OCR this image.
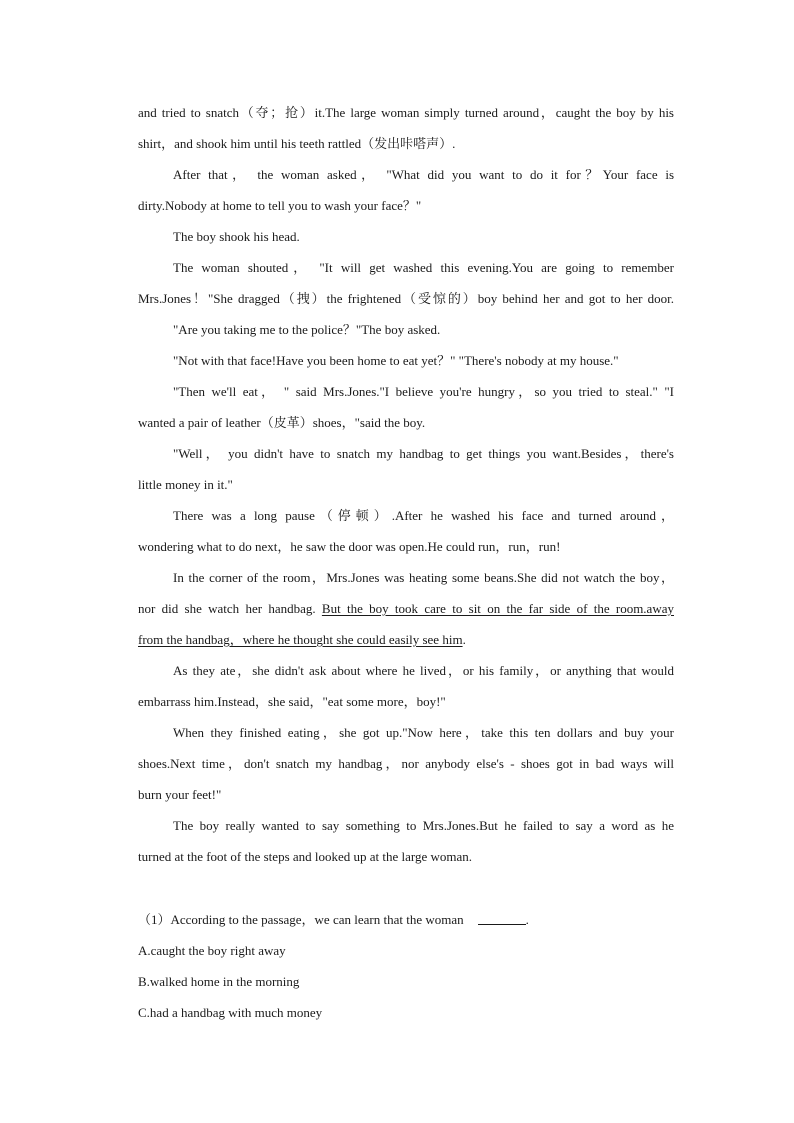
and tried to snatch（夺；抢）it.The large woman simply turned around，caught the boy by his
shirt，and shook him until his teeth rattled（发出咔嗒声）.
After that， the woman asked， "What did you want to do it for？Your face is
dirty.Nobody at home to tell you to wash your face？"
The boy shook his head.
The woman shouted， "It will get washed this evening.You are going to remember
Mrs.Jones！"She dragged（拽）the frightened（受惊的）boy behind her and got to her door.
"Are you taking me to the police？"The boy asked.
"Not with that face!Have you been home to eat yet？" "There's nobody at my house."
"Then we'll eat， " said Mrs.Jones."I believe you're hungry，so you tried to steal." "I
wanted a pair of leather（皮革）shoes，"said the boy.
"Well， you didn't have to snatch my handbag to get things you want.Besides，there's
little money in it."
There was a long pause（停顿）.After he washed his face and turned around，
wondering what to do next，he saw the door was open.He could run，run，run!
In the corner of the room，Mrs.Jones was heating some beans.She did not watch the boy，
nor did she watch her handbag. But the boy took care to sit on the far side of the room.away
from the handbag，where he thought she could easily see him.
As they ate，she didn't ask about where he lived，or his family，or anything that would
embarrass him.Instead，she said，"eat some more，boy!"
When they finished eating，she got up."Now here，take this ten dollars and buy your
shoes.Next time，don't snatch my handbag，nor anybody else's - shoes got in bad ways will
burn your feet!"
The boy really wanted to say something to Mrs.Jones.But he failed to say a word as he
turned at the foot of the steps and looked up at the large woman.
（1）According to the passage，we can learn that the woman	.
A.caught the boy right away
B.walked home in the morning
C.had a handbag with much money
